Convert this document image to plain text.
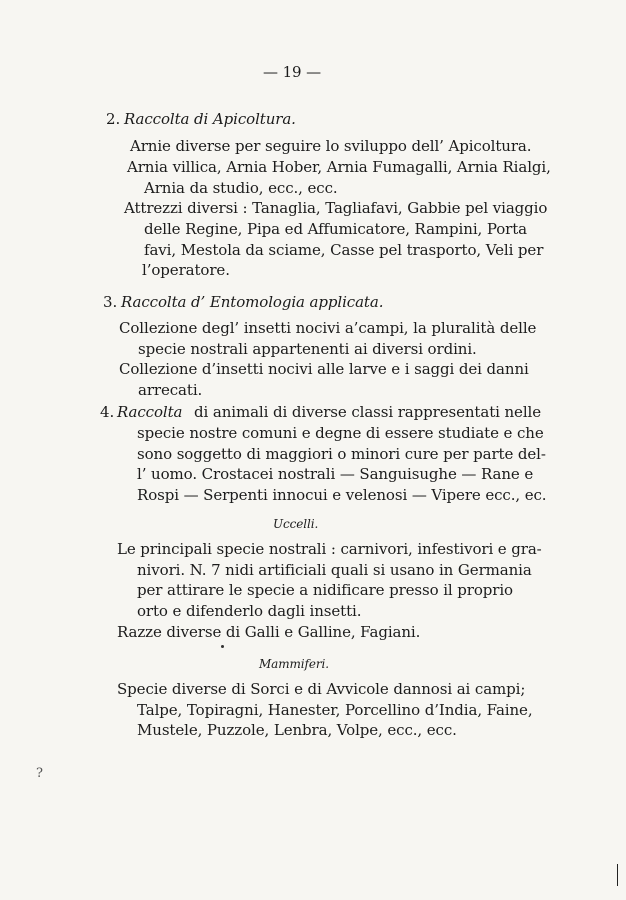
— 19 —
2. Raccolta di Apicoltura.
Arnie diverse per seguire lo sviluppo dell’ Apicoltura.
Arnia villica, Arnia Hober, Arnia Fumagalli, Arnia Rialgi,
Arnia da studio, ecc., ecc.
Attrezzi diversi : Tanaglia, Tagliafavi, Gabbie pel viaggio
delle Regine, Pipa ed Affumicatore, Rampini, Porta
favi, Mestola da sciame, Casse pel trasporto, Veli per
l’operatore.
3. Raccolta d’ Entomologia applicata.
Collezione degl’ insetti nocivi a’campi, la pluralità delle
specie nostrali appartenenti ai diversi ordini.
Collezione d’insetti nocivi alle larve e i saggi dei danni
arrecati.
4. Raccolta di animali di diverse classi rappresentati nelle
specie nostre comuni e degne di essere studiate e che
sono soggetto di maggiori o minori cure per parte del-
l’ uomo. Crostacei nostrali — Sanguisughe — Rane e
Rospi — Serpenti innocui e velenosi — Vipere ecc., ec.
Uccelli.
Le principali specie nostrali : carnivori, infestivori e gra-
nivori. N. 7 nidi artificiali quali si usano in Germania
per attirare le specie a nidificare presso il proprio
orto e difenderlo dagli insetti.
Razze diverse di Galli e Galline, Fagiani.
Mammiferi.
Specie diverse di Sorci e di Avvicole dannosi ai campi;
Talpe, Topiragni, Hanester, Porcellino d’India, Faine,
Mustele, Puzzole, Lenbra, Volpe, ecc., ecc.
?
